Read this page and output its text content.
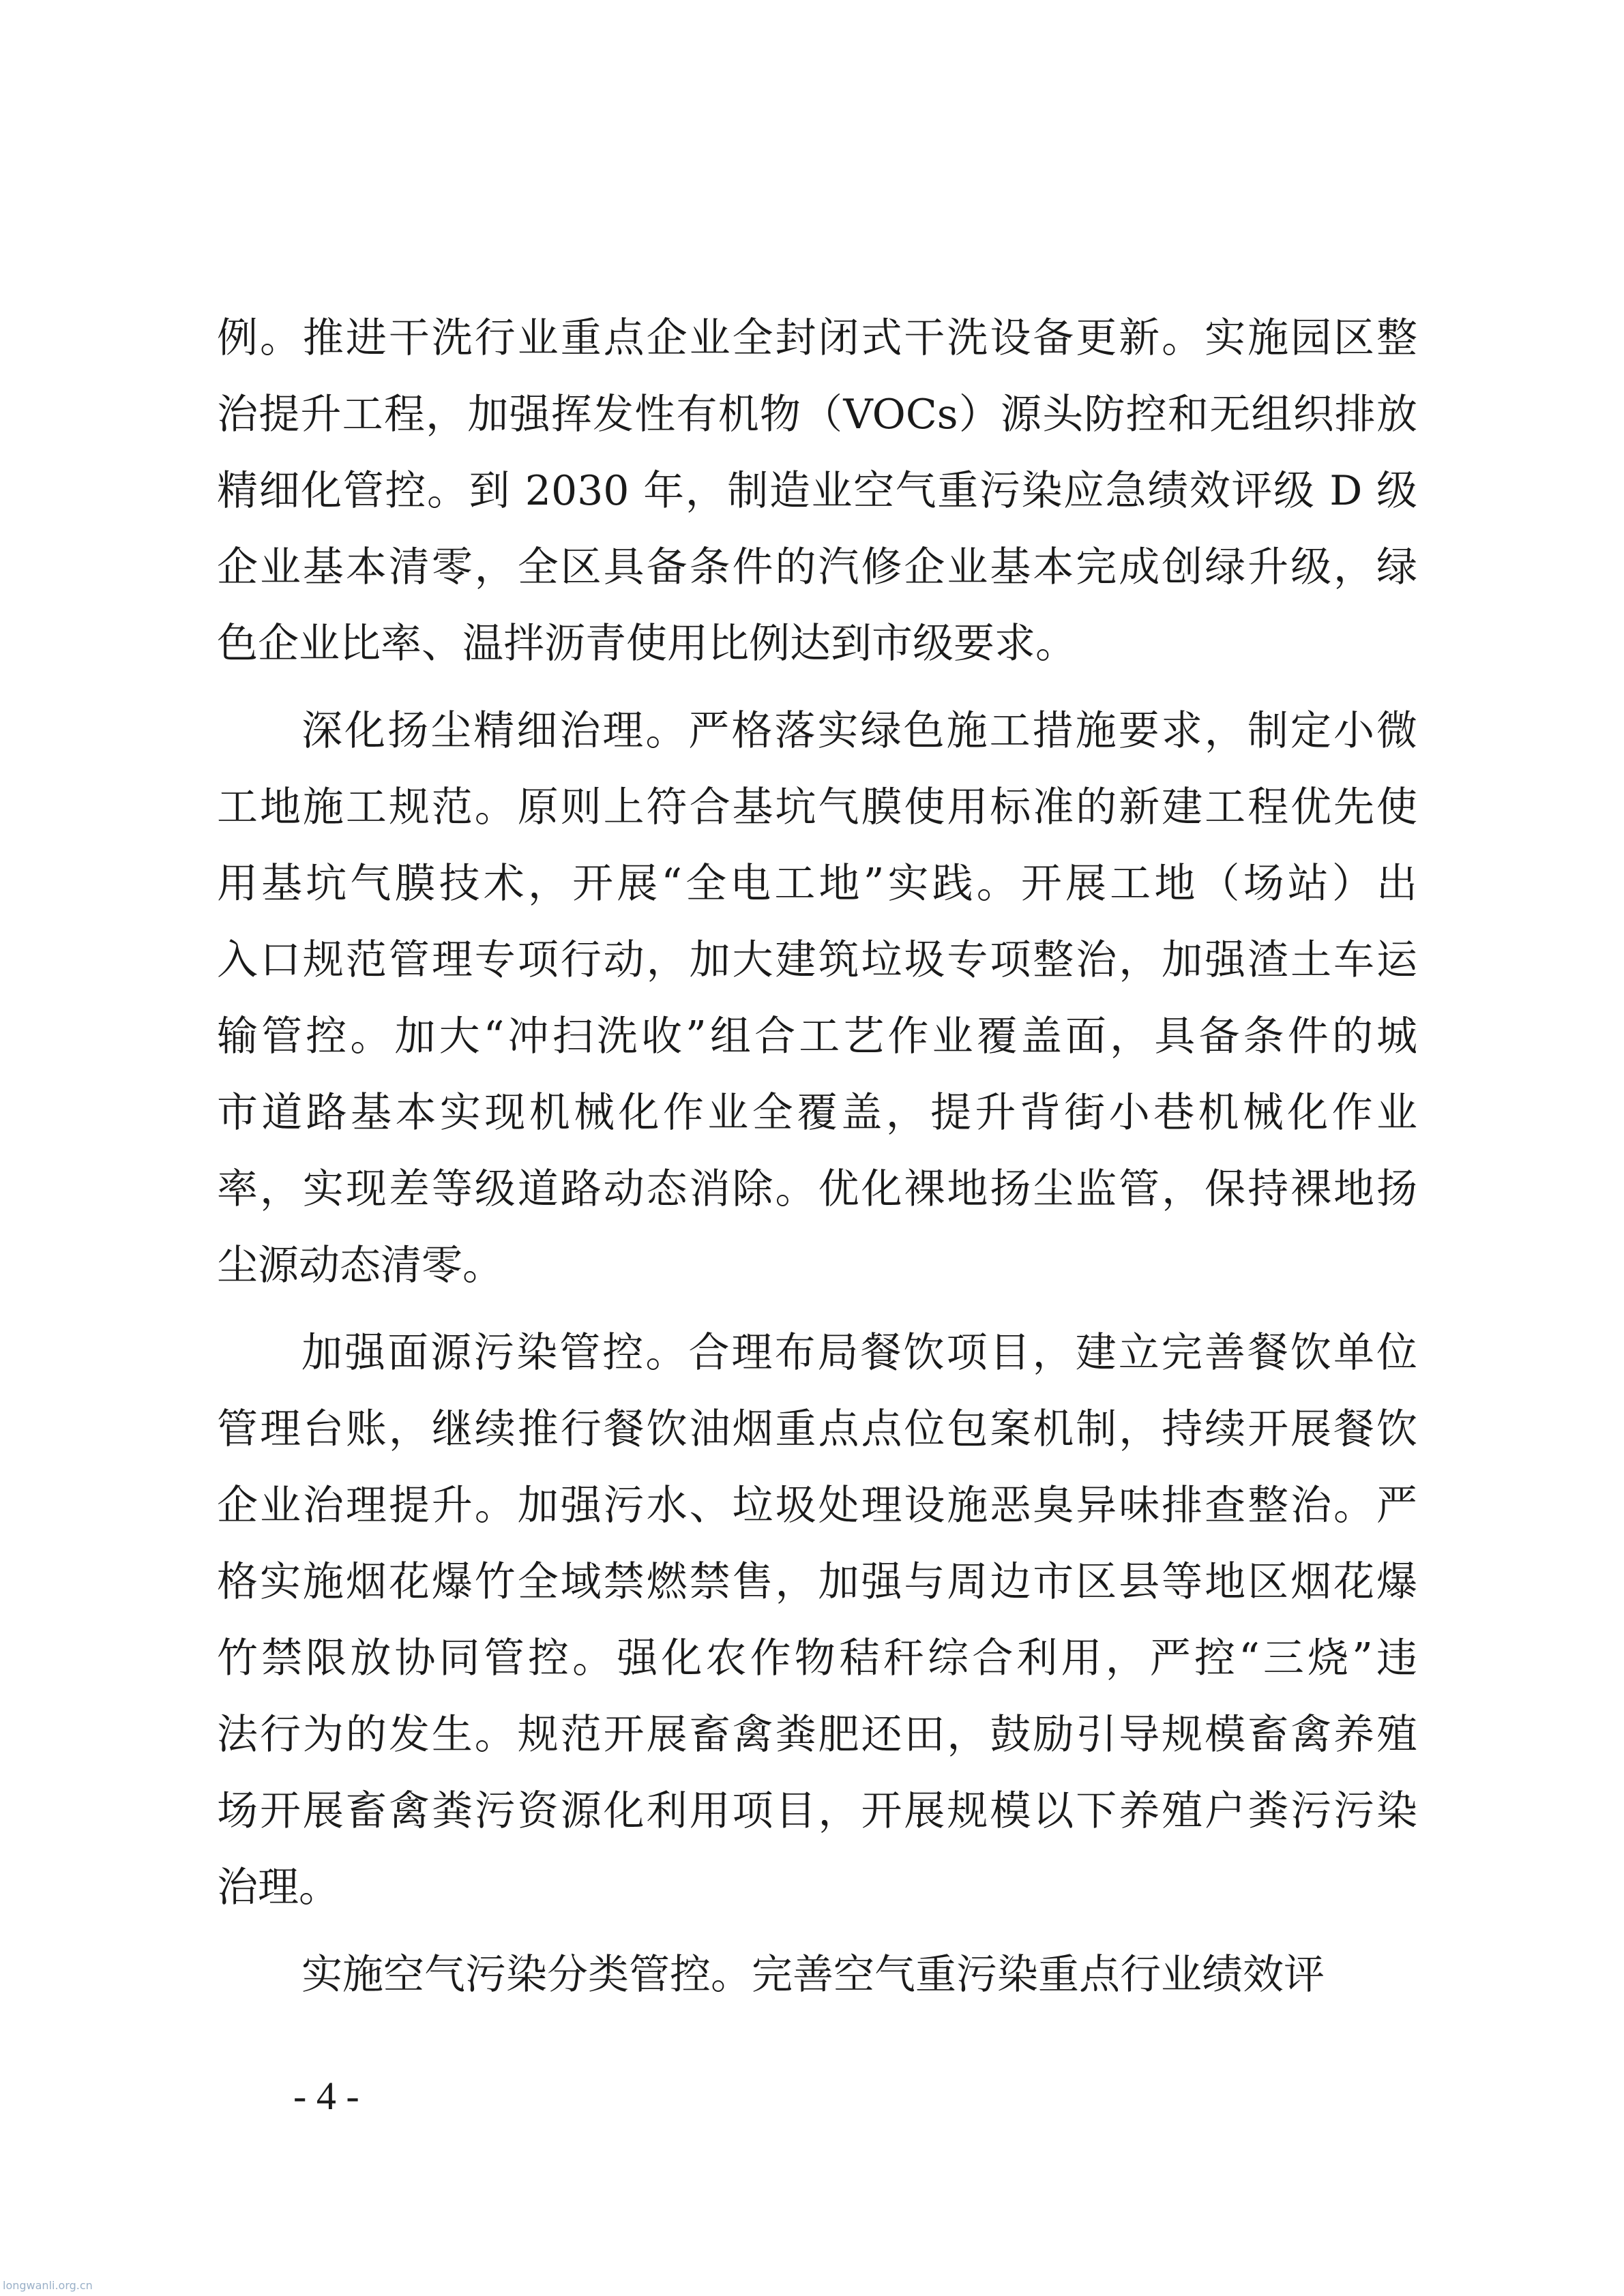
例。推进干洗行业重点企业全封闭式干洗设备更新。实施园区整
治提升工程，加强挥发性有机物（VOCs）源头防控和无组织排放
精细化管控。到 2030 年，制造业空气重污染应急绩效评级 D 级
企业基本清零，全区具备条件的汽修企业基本完成创绿升级，绿
色企业比率、温拌沥青使用比例达到市级要求。
深化扬尘精细治理。严格落实绿色施工措施要求，制定小微
工地施工规范。原则上符合基坑气膜使用标准的新建工程优先使
用基坑气膜技术，开展“全电工地”实践。开展工地（场站）出
入口规范管理专项行动，加大建筑垃圾专项整治，加强渣土车运
输管控。加大“冲扫洗收”组合工艺作业覆盖面，具备条件的城
市道路基本实现机械化作业全覆盖，提升背街小巷机械化作业
率，实现差等级道路动态消除。优化裸地扬尘监管，保持裸地扬
尘源动态清零。
加强面源污染管控。合理布局餐饮项目，建立完善餐饮单位
管理台账，继续推行餐饮油烟重点点位包案机制，持续开展餐饮
企业治理提升。加强污水、垃圾处理设施恶臭异味排查整治。严
格实施烟花爆竹全域禁燃禁售，加强与周边市区县等地区烟花爆
竹禁限放协同管控。强化农作物秸秆综合利用，严控“三烧”违
法行为的发生。规范开展畜禽粪肥还田，鼓励引导规模畜禽养殖
场开展畜禽粪污资源化利用项目，开展规模以下养殖户粪污污染
治理。
实施空气污染分类管控。完善空气重污染重点行业绩效评
- 4 -
longwanli.org.cn
